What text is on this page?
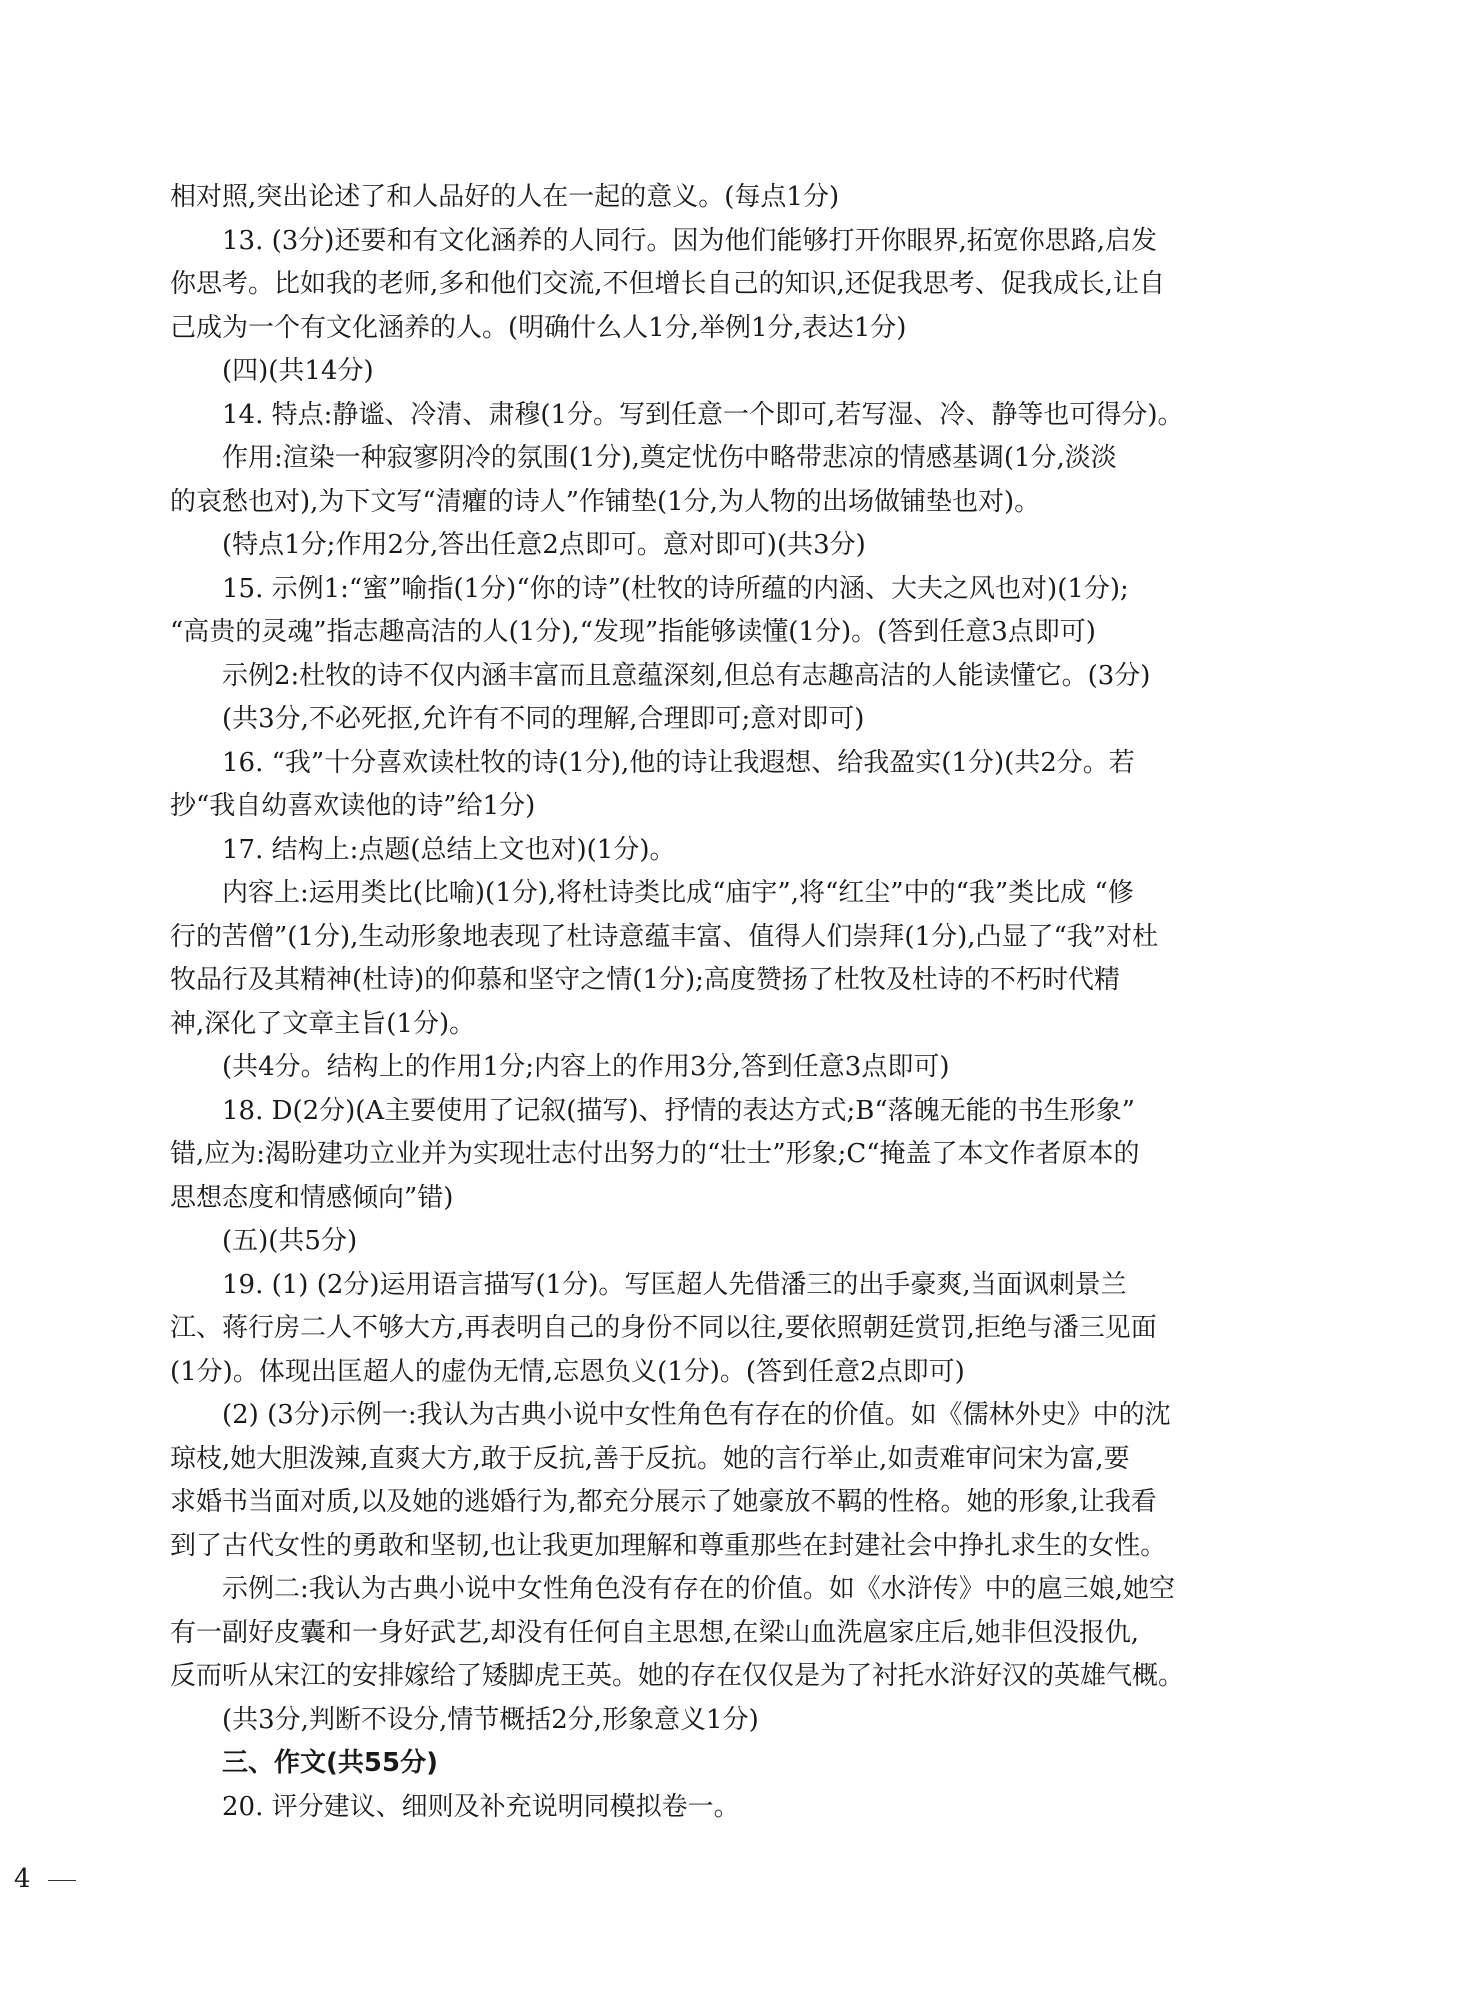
相对照,突出论述了和人品好的人在一起的意义。(每点1分)
13. (3分)还要和有文化涵养的人同行。因为他们能够打开你眼界,拓宽你思路,启发
你思考。比如我的老师,多和他们交流,不但增长自己的知识,还促我思考、促我成长,让自
己成为一个有文化涵养的人。(明确什么人1分,举例1分,表达1分)
(四)(共14分)
14. 特点:静谧、冷清、肃穆(1分。写到任意一个即可,若写湿、冷、静等也可得分)。
作用:渲染一种寂寥阴冷的氛围(1分),奠定忧伤中略带悲凉的情感基调(1分,淡淡
的哀愁也对),为下文写“清癯的诗人”作铺垫(1分,为人物的出场做铺垫也对)。
(特点1分;作用2分,答出任意2点即可。意对即可)(共3分)
15. 示例1:“蜜”喻指(1分)“你的诗”(杜牧的诗所蕴的内涵、大夫之风也对)(1分);
“高贵的灵魂”指志趣高洁的人(1分),“发现”指能够读懂(1分)。(答到任意3点即可)
示例2:杜牧的诗不仅内涵丰富而且意蕴深刻,但总有志趣高洁的人能读懂它。(3分)
(共3分,不必死抠,允许有不同的理解,合理即可;意对即可)
16. “我”十分喜欢读杜牧的诗(1分),他的诗让我遐想、给我盈实(1分)(共2分。若
抄“我自幼喜欢读他的诗”给1分)
17. 结构上:点题(总结上文也对)(1分)。
内容上:运用类比(比喻)(1分),将杜诗类比成“庙宇”,将“红尘”中的“我”类比成 “修
行的苦僧”(1分),生动形象地表现了杜诗意蕴丰富、值得人们崇拜(1分),凸显了“我”对杜
牧品行及其精神(杜诗)的仰慕和坚守之情(1分);高度赞扬了杜牧及杜诗的不朽时代精
神,深化了文章主旨(1分)。
(共4分。结构上的作用1分;内容上的作用3分,答到任意3点即可)
18. D(2分)(A主要使用了记叙(描写)、抒情的表达方式;B“落魄无能的书生形象”
错,应为:渴盼建功立业并为实现壮志付出努力的“壮士”形象;C“掩盖了本文作者原本的
思想态度和情感倾向”错)
(五)(共5分)
19. (1) (2分)运用语言描写(1分)。写匡超人先借潘三的出手豪爽,当面讽刺景兰
江、蒋行房二人不够大方,再表明自己的身份不同以往,要依照朝廷赏罚,拒绝与潘三见面
(1分)。体现出匡超人的虚伪无情,忘恩负义(1分)。(答到任意2点即可)
(2) (3分)示例一:我认为古典小说中女性角色有存在的价值。如《儒林外史》中的沈
琼枝,她大胆泼辣,直爽大方,敢于反抗,善于反抗。她的言行举止,如责难审问宋为富,要
求婚书当面对质,以及她的逃婚行为,都充分展示了她豪放不羁的性格。她的形象,让我看
到了古代女性的勇敢和坚韧,也让我更加理解和尊重那些在封建社会中挣扎求生的女性。
示例二:我认为古典小说中女性角色没有存在的价值。如《水浒传》中的扈三娘,她空
有一副好皮囊和一身好武艺,却没有任何自主思想,在梁山血洗扈家庄后,她非但没报仇,
反而听从宋江的安排嫁给了矮脚虎王英。她的存在仅仅是为了衬托水浒好汉的英雄气概。
(共3分,判断不设分,情节概括2分,形象意义1分)
三、作文(共55分)
20. 评分建议、细则及补充说明同模拟卷一。
4
